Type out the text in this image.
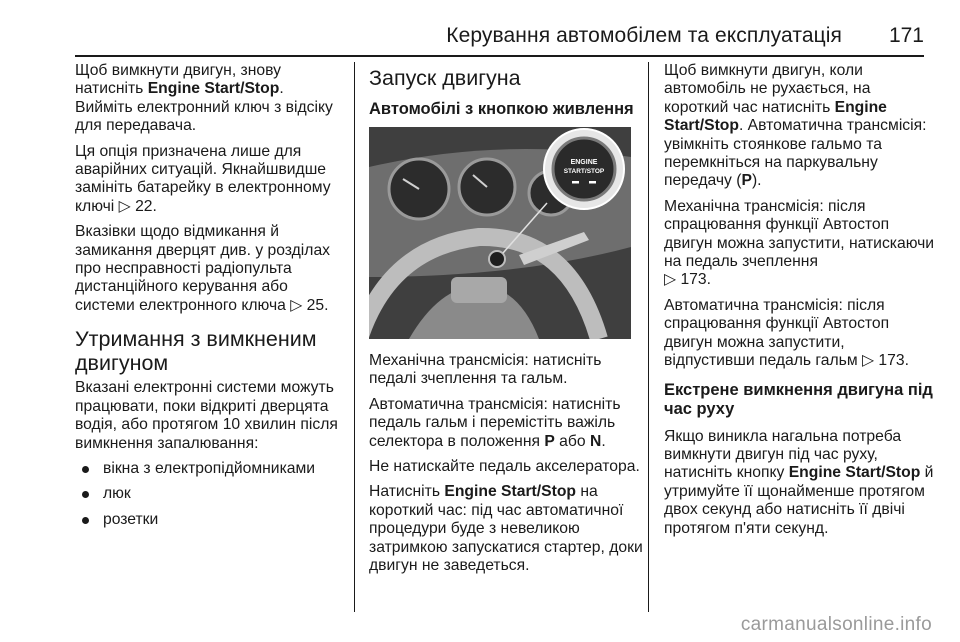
Керування автомобілем та експлуатація 171

Щоб вимкнути двигун, знову натисніть Engine Start/Stop.
Вийміть електронний ключ з відсіку для передавача.

Ця опція призначена лише для аварійних ситуацій. Якнайшвидше замініть батарейку в електронному ключі ▷ 22.

Вказівки щодо відмикання й замикання дверцят див. у розділах про несправності радіопульта дистанційного керування або системи електронного ключа ▷ 25.

Утримання з вимкненим двигуном

Вказані електронні системи можуть працювати, поки відкриті дверцята водія, або протягом 10 хвилин після вимкнення запалювання:

вікна з електропідйомниками
люк
розетки
Запуск двигуна
Автомобілі з кнопкою живлення
ENGINE
START/STOP

Механічна трансмісія: натисніть педалі зчеплення та гальм.

Автоматична трансмісія: натисніть педаль гальм і перемістіть важіль селектора в положення P або N.

Не натискайте педаль акселератора.

Натисніть Engine Start/Stop на короткий час: під час автоматичної процедури буде з невеликою затримкою запускатися стартер, доки двигун не заведеться.

Щоб вимкнути двигун, коли автомобіль не рухається, на короткий час натисніть Engine Start/Stop. Автоматична трансмісія: увімкніть стоянкове гальмо та перемкніться на паркувальну передачу (P).

Механічна трансмісія: після спрацювання функції Автостоп двигун можна запустити, натискаючи на педаль зчеплення
▷ 173.

Автоматична трансмісія: після спрацювання функції Автостоп двигун можна запустити, відпустивши педаль гальм ▷ 173.

Екстрене вимкнення двигуна під час руху

Якщо виникла нагальна потреба вимкнути двигун під час руху, натисніть кнопку Engine Start/Stop й утримуйте її щонайменше протягом двох секунд або натисніть її двічі протягом п'яти секунд.

carmanualsonline.info
